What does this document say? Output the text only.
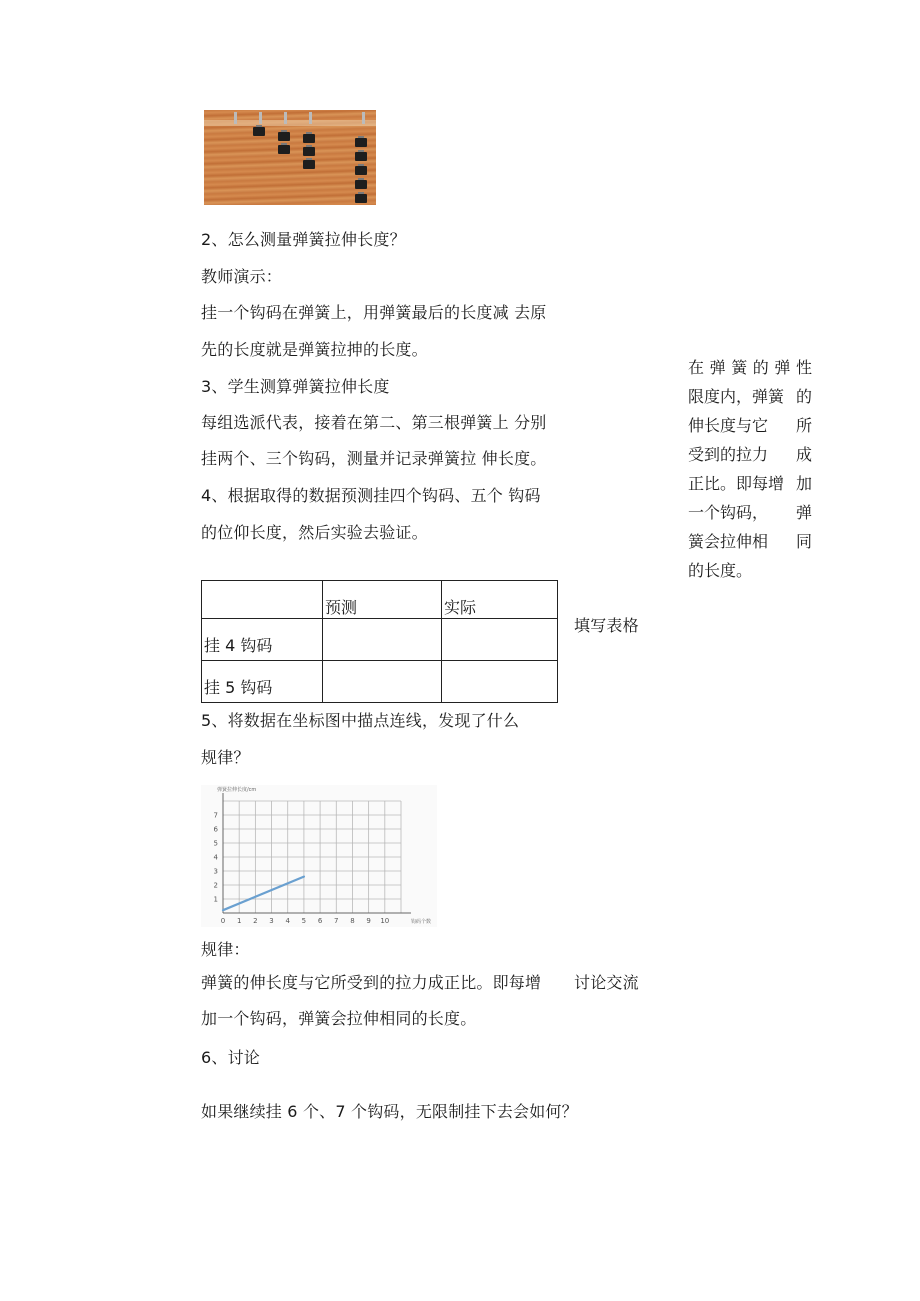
2、怎么测量弹簧拉伸长度？
教师演示：
挂一个钩码在弹簧上，用弹簧最后的长度减 去原
先的长度就是弹簧拉抻的长度。
3、学生测算弹簧拉伸长度
每组选派代表，接着在第二、第三根弹簧上 分别
挂两个、三个钩码，测量并记录弹簧拉 伸长度。
4、根据取得的数据预测挂四个钩码、五个 钩码
的位仰长度，然后实验去验证。
在 弹 簧 的 弹 性
限度内，弹簧 的
伸长度与它 所
受到的拉力 成
正比。即每增 加
一个钩码， 弹
簧会拉伸相 同
的长度。
	预测	实际
挂 4 钩码		
挂 5 钩码		
填写表格
5、将数据在坐标图中描点连线，发现了什么
规律？
0 1 2 3 4 5 6 7 8 9 10
1
2
3
4
5
6
7
弹簧拉伸长度/cm
钩码个数
规律：
弹簧的伸长度与它所受到的拉力成正比。即每增 讨论交流
加一个钩码，弹簧会拉伸相同的长度。
6、讨论
如果继续挂 6 个、7 个钩码，无限制挂下去会如何？
